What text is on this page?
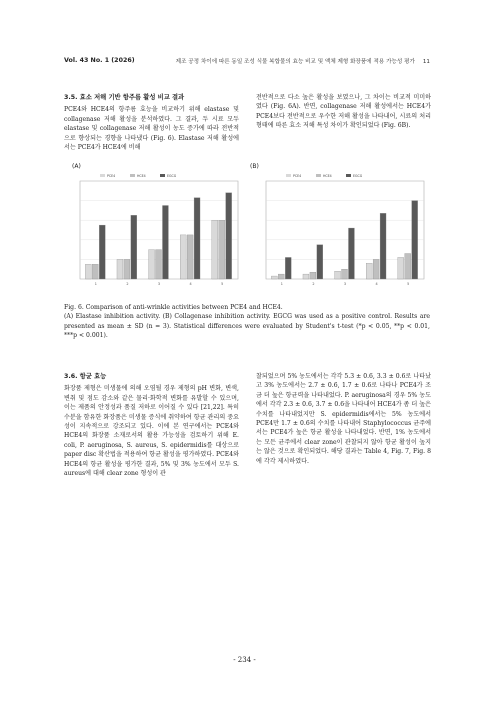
Vol. 43 No. 1 (2026)	제조 공정 차이에 따른 동일 조성 식물 복합물의 효능 비교 및 액체 제형 화장품에 적용 가능성 평가 11

3.5. 효소 저해 기반 항주름 활성 비교 결과

PCE4와 HCE4의 항주름 효능을 비교하기 위해 elastase 및 collagenase 저해 활성을 분석하였다. 그 결과, 두 시료 모두 elastase 및 collagenase 저해 활성이 농도 증가에 따라 전반적으로 향상되는 경향을 나타냈다 (Fig. 6). Elastase 저해 활성에서는 PCE4가 HCE4에 비해

전반적으로 다소 높은 활성을 보였으나, 그 차이는 비교적 미미하였다 (Fig. 6A). 반면, collagenase 저해 활성에서는 HCE4가 PCE4보다 전반적으로 우수한 저해 활성을 나타내어, 시료의 처리 형태에 따른 효소 저해 특성 차이가 확인되었다 (Fig. 6B).

(A)	(B)
PCE4	HCE4	EGCG
1	2	3	4	5
PCE4	HCE4	EGCG
1	2	3	4	5

Fig. 6. Comparison of anti-wrinkle activities between PCE4 and HCE4.

(A) Elastase inhibition activity. (B) Collagenase inhibition activity. EGCG was used as a positive control. Results are presented as mean ± SD (n = 3). Statistical differences were evaluated by Student's t-test (*p < 0.05, **p < 0.01, ***p < 0.001).

3.6. 항균 효능

화장품 제형은 미생물에 의해 오염될 경우 제형의 pH 변화, 변색, 변취 및 점도 감소와 같은 물리·화학적 변화를 유발할 수 있으며, 이는 제품의 안정성과 품질 저하로 이어질 수 있다 [21,22]. 특히 수분을 함유한 화장품은 미생물 증식에 취약하여 항균 관리의 중요성이 지속적으로 강조되고 있다. 이에 본 연구에서는 PCE4와 HCE4의 화장품 소재로서의 활용 가능성을 검토하기 위해 E. coli, P. aeruginosa, S. aureus, S. epidermidis를 대상으로 paper disc 확산법을 적용하여 항균 활성을 평가하였다. PCE4와 HCE4의 항균 활성을 평가한 결과, 5% 및 3% 농도에서 모두 S. aureus에 대해 clear zone 형성이 관

찰되었으며 5% 농도에서는 각각 5.3 ± 0.6, 3.3 ± 0.6로 나타났고 3% 농도에서는 2.7 ± 0.6, 1.7 ± 0.6로 나타나 PCE4가 조금 더 높은 항균력을 나타내었다. P. aeruginosa의 경우 5% 농도에서 각각 2.3 ± 0.6, 3.7 ± 0.6을 나타내어 HCE4가 좀 더 높은 수치를 나타내었지만 S. epidermidis에서는 5% 농도에서 PCE4만 1.7 ± 0.6의 수치를 나타내어 Staphylococcus 균주에서는 PCE4가 높은 항균 활성을 나타내었다. 반면, 1% 농도에서는 모든 균주에서 clear zone이 관찰되지 않아 항균 활성이 높지는 않은 것으로 확인되었다. 해당 결과는 Table 4, Fig. 7, Fig. 8에 각각 제시하였다.

- 234 -
